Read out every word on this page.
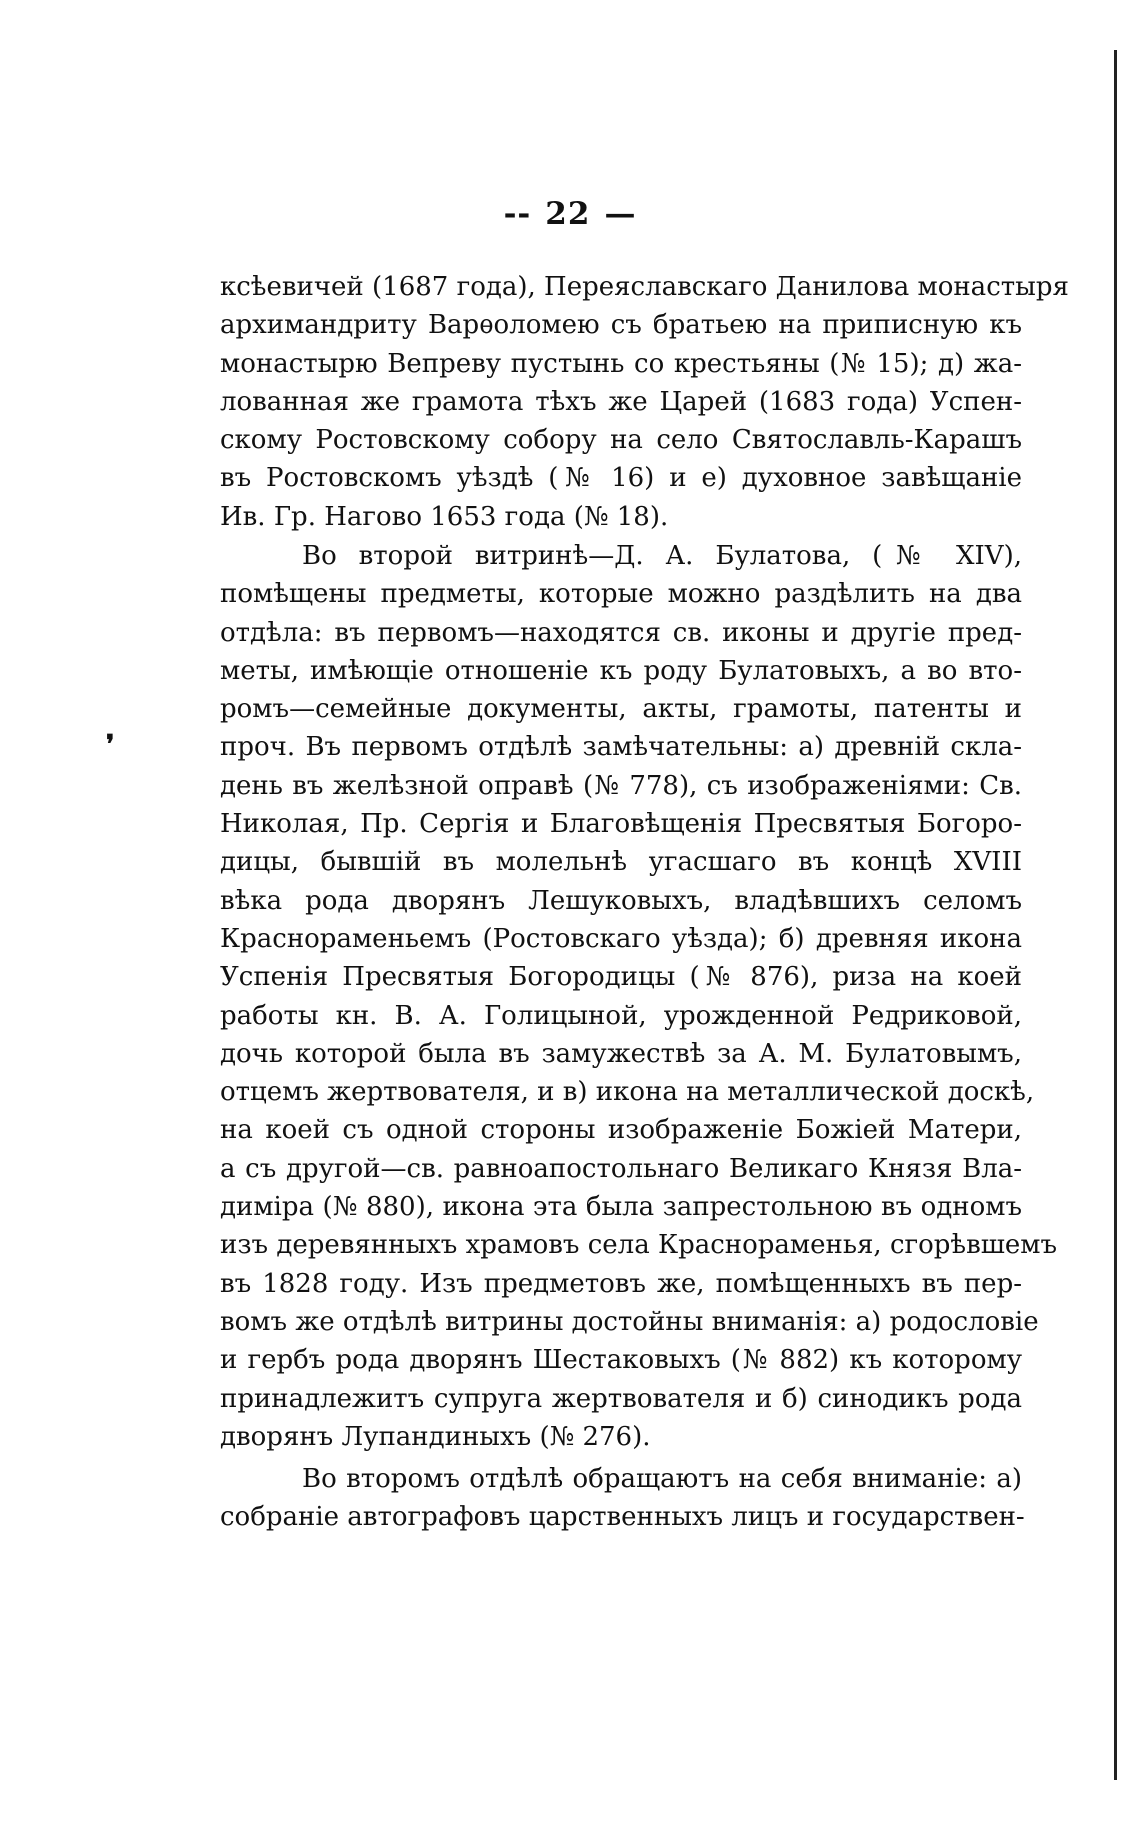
--22 —
❜
ксѣевичей (1687 года), Переяславскаго Данилова монастыря
архимандриту Варѳоломею съ братьею на приписную къ
монастырю Вепреву пустынь со крестьяны (№ 15); д) жа-
лованная же грамота тѣхъ же Царей (1683 года) Успен-
скому Ростовскому собору на село Святославль-Карашъ
въ Ростовскомъ уѣздѣ (№ 16) и е) духовное завѣщаніе
Ив. Гр. Нагово 1653 года (№ 18).
Во второй витринѣ—Д. А. Булатова, (№ XIV),
помѣщены предметы, которые можно раздѣлить на два
отдѣла: въ первомъ—находятся св. иконы и другіе пред-
меты, имѣющіе отношеніе къ роду Булатовыхъ, а во вто-
ромъ—семейные документы, акты, грамоты, патенты и
проч. Въ первомъ отдѣлѣ замѣчательны: а) древній скла-
день въ желѣзной оправѣ (№ 778), съ изображеніями: Св.
Николая, Пр. Сергія и Благовѣщенія Пресвятыя Богоро-
дицы, бывшій въ молельнѣ угасшаго въ концѣ XVIII
вѣка рода дворянъ Лешуковыхъ, владѣвшихъ селомъ
Краснораменьемъ (Ростовскаго уѣзда); б) древняя икона
Успенія Пресвятыя Богородицы (№ 876), риза на коей
работы кн. В. А. Голицыной, урожденной Редриковой,
дочь которой была въ замужествѣ за А. М. Булатовымъ,
отцемъ жертвователя, и в) икона на металлической доскѣ,
на коей съ одной стороны изображеніе Божіей Матери,
а съ другой—св. равноапостольнаго Великаго Князя Вла-
диміра (№ 880), икона эта была запрестольною въ одномъ
изъ деревянныхъ храмовъ села Краснораменья, сгорѣвшемъ
въ 1828 году. Изъ предметовъ же, помѣщенныхъ въ пер-
вомъ же отдѣлѣ витрины достойны вниманія: а) родословіе
и гербъ рода дворянъ Шестаковыхъ (№ 882) къ которому
принадлежитъ супруга жертвователя и б) синодикъ рода
дворянъ Лупандиныхъ (№ 276).
Во второмъ отдѣлѣ обращаютъ на себя вниманіе: а)
собраніе автографовъ царственныхъ лицъ и государствен-
